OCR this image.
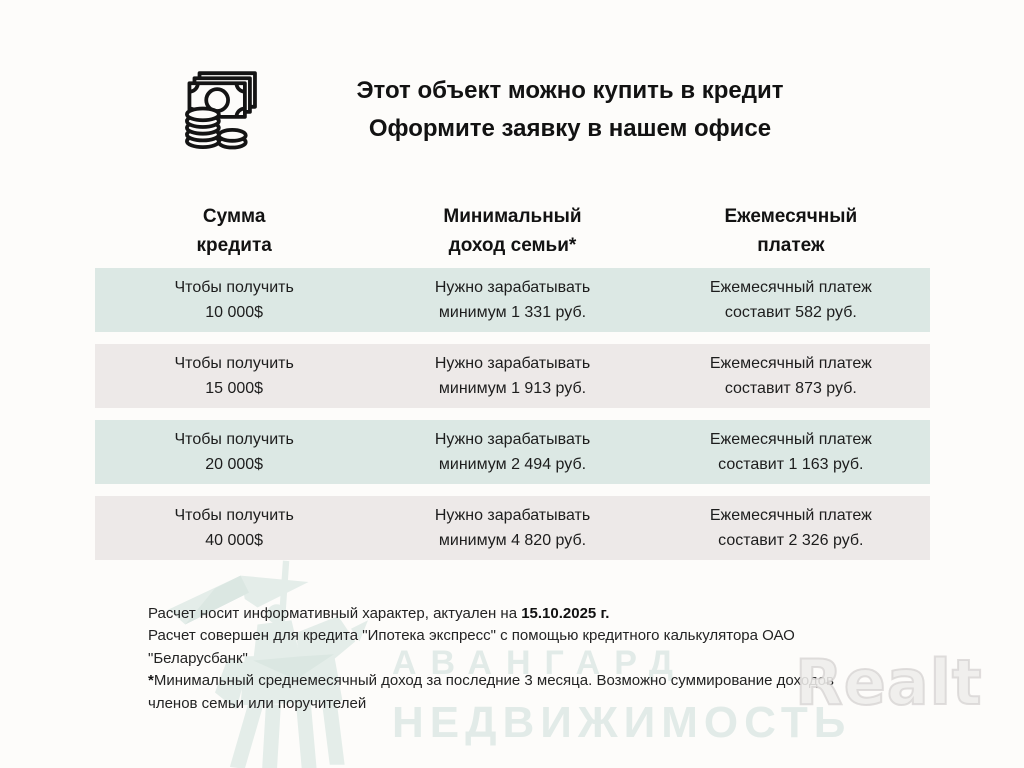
АВАНГАРД
НЕДВИЖИМОСТЬ
Этот объект можно купить в кредит
Оформите заявку в нашем офисе
Сумма
кредита
Минимальный
доход семьи*
Ежемесячный
платеж
Чтобы получить
10 000$
Нужно зарабатывать
минимум 1 331 руб.
Ежемесячный платеж
составит 582 руб.
Чтобы получить
15 000$
Нужно зарабатывать
минимум 1 913 руб.
Ежемесячный платеж
составит 873 руб.
Чтобы получить
20 000$
Нужно зарабатывать
минимум 2 494 руб.
Ежемесячный платеж
составит 1 163 руб.
Чтобы получить
40 000$
Нужно зарабатывать
минимум 4 820 руб.
Ежемесячный платеж
составит 2 326 руб.

Расчет носит информативный характер, актуален на 15.10.2025 г.

Расчет совершен для кредита "Ипотека экспресс" с помощью кредитного калькулятора ОАО "Беларусбанк"

*Минимальный среднемесячный доход за последние 3 месяца. Возможно суммирование доходов членов семьи или поручителей	Realt
